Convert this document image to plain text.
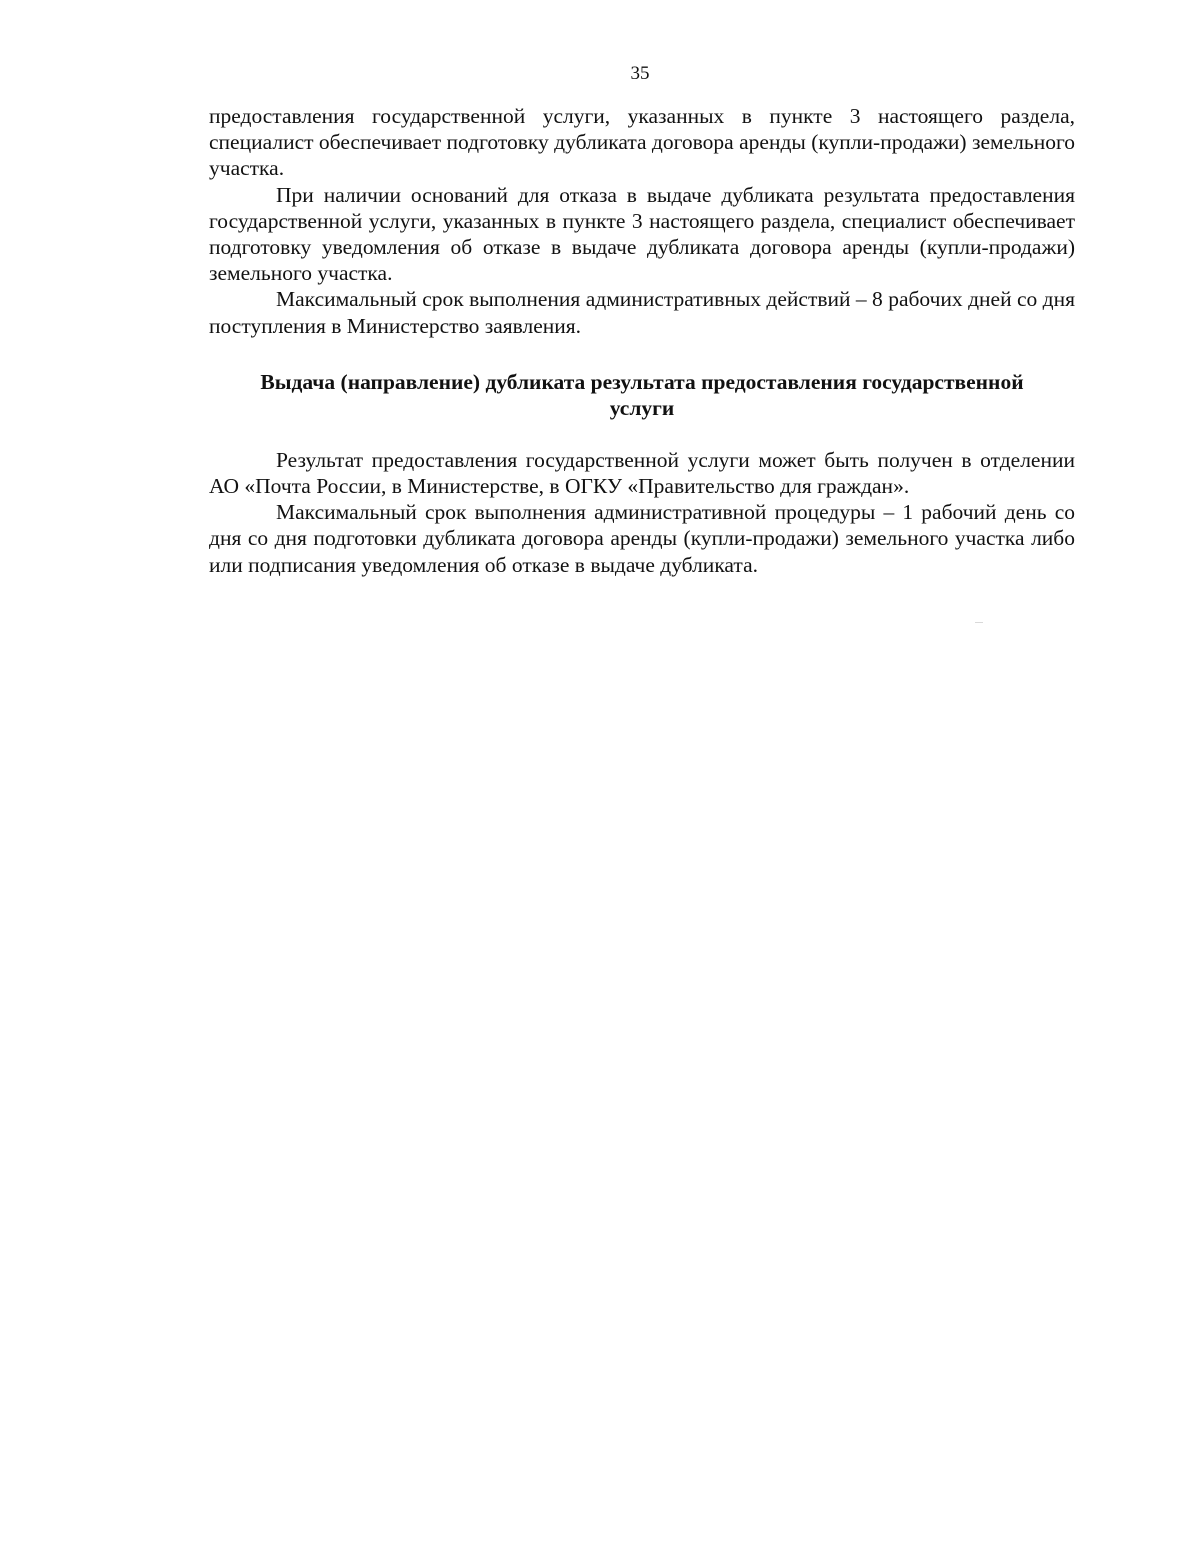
35

предоставления государственной услуги, указанных в пункте 3 настоящего раздела, специалист обеспечивает подготовку дубликата договора аренды (купли-продажи) земельного участка.

При наличии оснований для отказа в выдаче дубликата результата предоставления государственной услуги, указанных в пункте 3 настоящего раздела, специалист обеспечивает подготовку уведомления об отказе в выдаче дубликата договора аренды (купли-продажи) земельного участка.

Максимальный срок выполнения административных действий – 8 рабочих дней со дня поступления в Министерство заявления.

Выдача (направление) дубликата результата предоставления государственной услуги

Результат предоставления государственной услуги может быть получен в отделении АО «Почта России, в Министерстве, в ОГКУ «Правительство для граждан».

Максимальный срок выполнения административной процедуры – 1 рабочий день со дня со дня подготовки дубликата договора аренды (купли-продажи) земельного участка либо или подписания уведомления об отказе в выдаче дубликата.
